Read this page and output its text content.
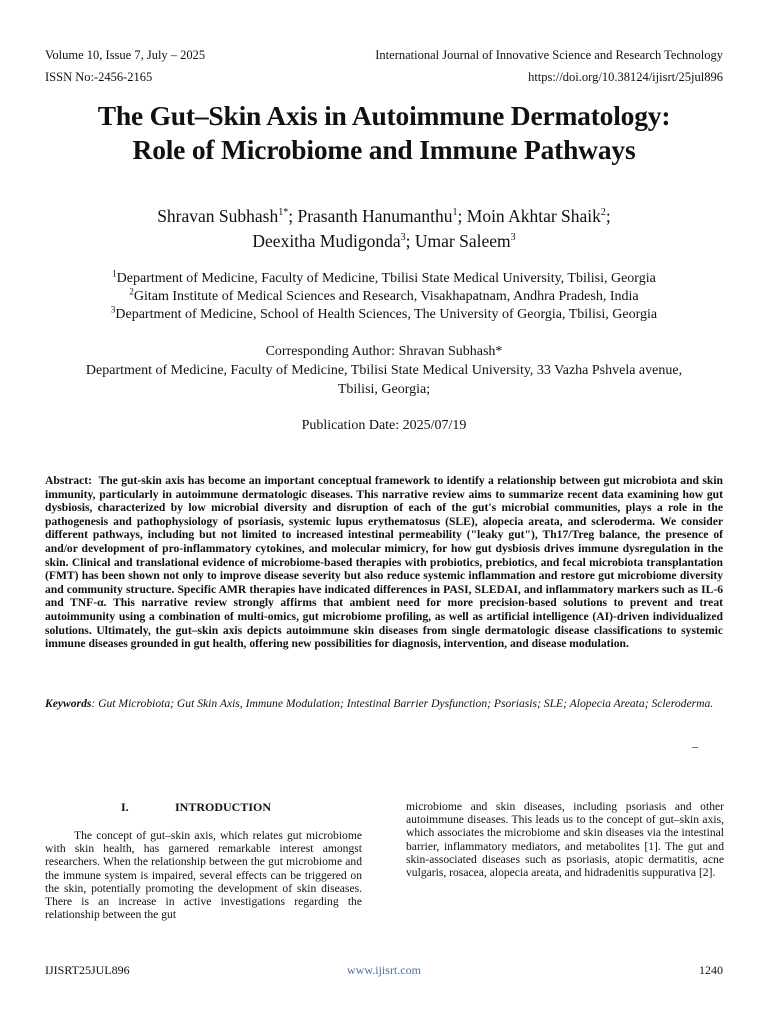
Volume 10, Issue 7, July – 2025	International Journal of Innovative Science and Research Technology
ISSN No:-2456-2165	https://doi.org/10.38124/ijisrt/25jul896
The Gut–Skin Axis in Autoimmune Dermatology:
Role of Microbiome and Immune Pathways
Shravan Subhash$^{1*}$; Prasanth Hanumanthu$^1$; Moin Akhtar Shaik$^2$;
Deexitha Mudigonda$^3$; Umar Saleem$^3$
$^1$Department of Medicine, Faculty of Medicine, Tbilisi State Medical University, Tbilisi, Georgia
$^2$Gitam Institute of Medical Sciences and Research, Visakhapatnam, Andhra Pradesh, India
$^3$Department of Medicine, School of Health Sciences, The University of Georgia, Tbilisi, Georgia
Corresponding Author: Shravan Subhash*
Department of Medicine, Faculty of Medicine, Tbilisi State Medical University, 33 Vazha Pshvela avenue,
Tbilisi, Georgia;
Publication Date: 2025/07/19
Abstract: The gut-skin axis has become an important conceptual framework to identify a relationship between gut microbiota and skin immunity, particularly in autoimmune dermatologic diseases. This narrative review aims to summarize recent data examining how gut dysbiosis, characterized by low microbial diversity and disruption of each of the gut's microbial communities, plays a role in the pathogenesis and pathophysiology of psoriasis, systemic lupus erythematosus (SLE), alopecia areata, and scleroderma. We consider different pathways, including but not limited to increased intestinal permeability ("leaky gut"), Th17/Treg balance, the presence of and/or development of pro-inflammatory cytokines, and molecular mimicry, for how gut dysbiosis drives immune dysregulation in the skin. Clinical and translational evidence of microbiome-based therapies with probiotics, prebiotics, and fecal microbiota transplantation (FMT) has been shown not only to improve disease severity but also reduce systemic inflammation and restore gut microbiome diversity and community structure. Specific AMR therapies have indicated differences in PASI, SLEDAI, and inflammatory markers such as IL-6 and TNF-α. This narrative review strongly affirms that ambient need for more precision-based solutions to prevent and treat autoimmunity using a combination of multi-omics, gut microbiome profiling, as well as artificial intelligence (AI)-driven individualized solutions. Ultimately, the gut–skin axis depicts autoimmune skin diseases from single dermatologic disease classifications to systemic immune diseases grounded in gut health, offering new possibilities for diagnosis, intervention, and disease modulation.
Keywords: Gut Microbiota; Gut Skin Axis, Immune Modulation; Intestinal Barrier Dysfunction; Psoriasis; SLE; Alopecia Areata; Scleroderma.
–
I.	INTRODUCTION
The concept of gut–skin axis, which relates gut microbiome with skin health, has garnered remarkable interest amongst researchers. When the relationship between the gut microbiome and the immune system is impaired, several effects can be triggered on the skin, potentially promoting the development of skin diseases. There is an increase in active investigations regarding the relationship between the gut
microbiome and skin diseases, including psoriasis and other autoimmune diseases. This leads us to the concept of gut–skin axis, which associates the microbiome and skin diseases via the intestinal barrier, inflammatory mediators, and metabolites [1]. The gut and skin-associated diseases such as psoriasis, atopic dermatitis, acne vulgaris, rosacea, alopecia areata, and hidradenitis suppurativa [2].
IJISRT25JUL896	www.ijisrt.com	1240
